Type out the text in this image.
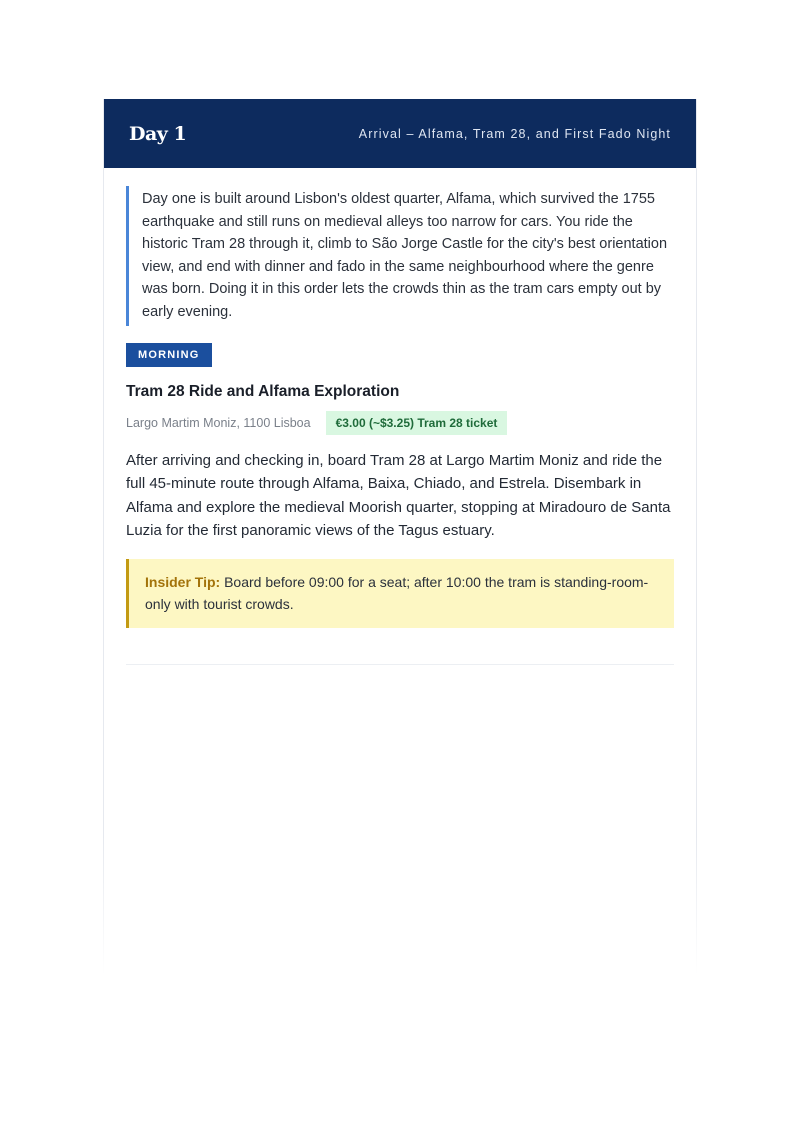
Day 1	Arrival – Alfama, Tram 28, and First Fado Night
Day one is built around Lisbon's oldest quarter, Alfama, which survived the 1755 earthquake and still runs on medieval alleys too narrow for cars. You ride the historic Tram 28 through it, climb to São Jorge Castle for the city's best orientation view, and end with dinner and fado in the same neighbourhood where the genre was born. Doing it in this order lets the crowds thin as the tram cars empty out by early evening.
MORNING
Tram 28 Ride and Alfama Exploration
Largo Martim Moniz, 1100 Lisboa	€3.00 (~$3.25) Tram 28 ticket
After arriving and checking in, board Tram 28 at Largo Martim Moniz and ride the full 45-minute route through Alfama, Baixa, Chiado, and Estrela. Disembark in Alfama and explore the medieval Moorish quarter, stopping at Miradouro de Santa Luzia for the first panoramic views of the Tagus estuary.
Insider Tip: Board before 09:00 for a seat; after 10:00 the tram is standing-room-only with tourist crowds.
